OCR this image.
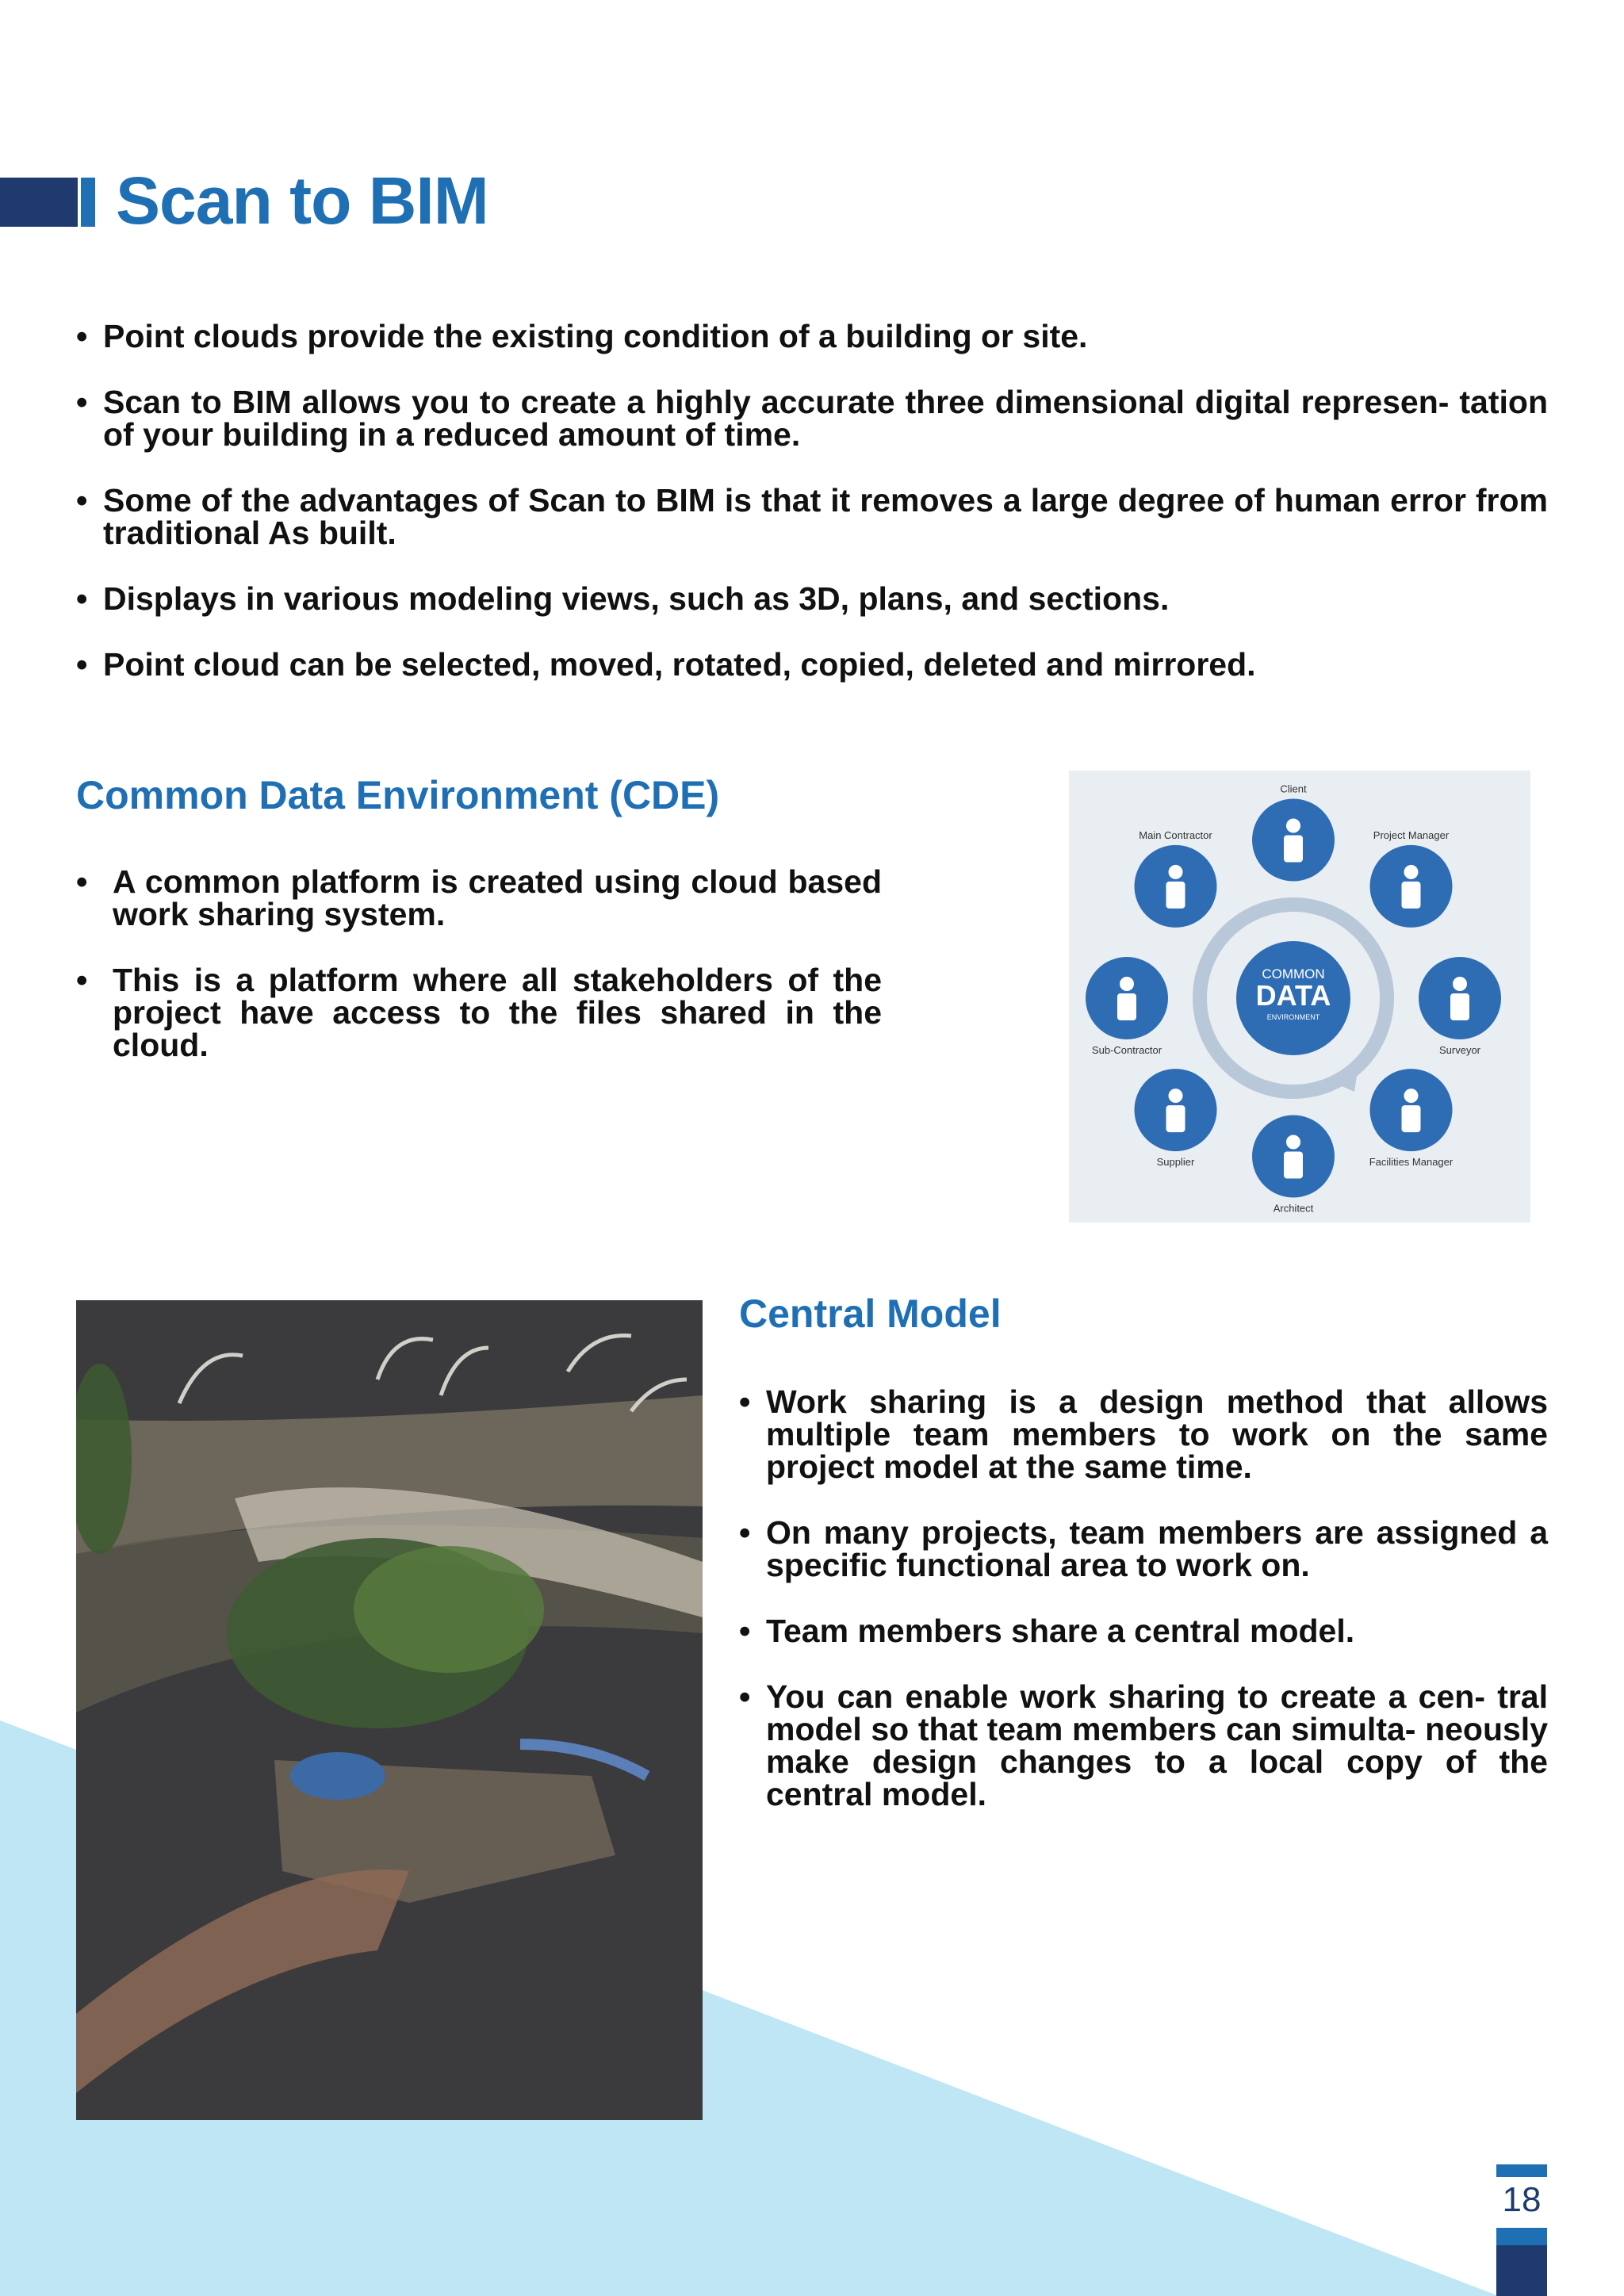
Scan to BIM
• Point clouds provide the existing condition of a building or site.
• Scan to BIM allows you to create a highly accurate three dimensional digital represen- tation of your building in a reduced amount of time.
• Some of the advantages of Scan to BIM is that it removes a large degree of human error from traditional As built.
• Displays in various modeling views, such as 3D, plans, and sections.
• Point cloud can be selected, moved, rotated, copied, deleted and mirrored.
Common Data Environment (CDE)
• A common platform is created using cloud based work sharing system.
• This is a platform where all stakeholders of the project have access to the files shared in the cloud.
COMMON
DATA
ENVIRONMENT
Client
Project Manager
Surveyor
Facilities Manager
Architect
Supplier
Sub-Contractor
Main Contractor
Central Model
• Work sharing is a design method that allows multiple team members to work on the same project model at the same time.
• On many projects, team members are assigned a specific functional area to work on.
• Team members share a central model.
• You can enable work sharing to create a cen- tral model so that team members can simulta- neously make design changes to a local copy of the central model.
18
